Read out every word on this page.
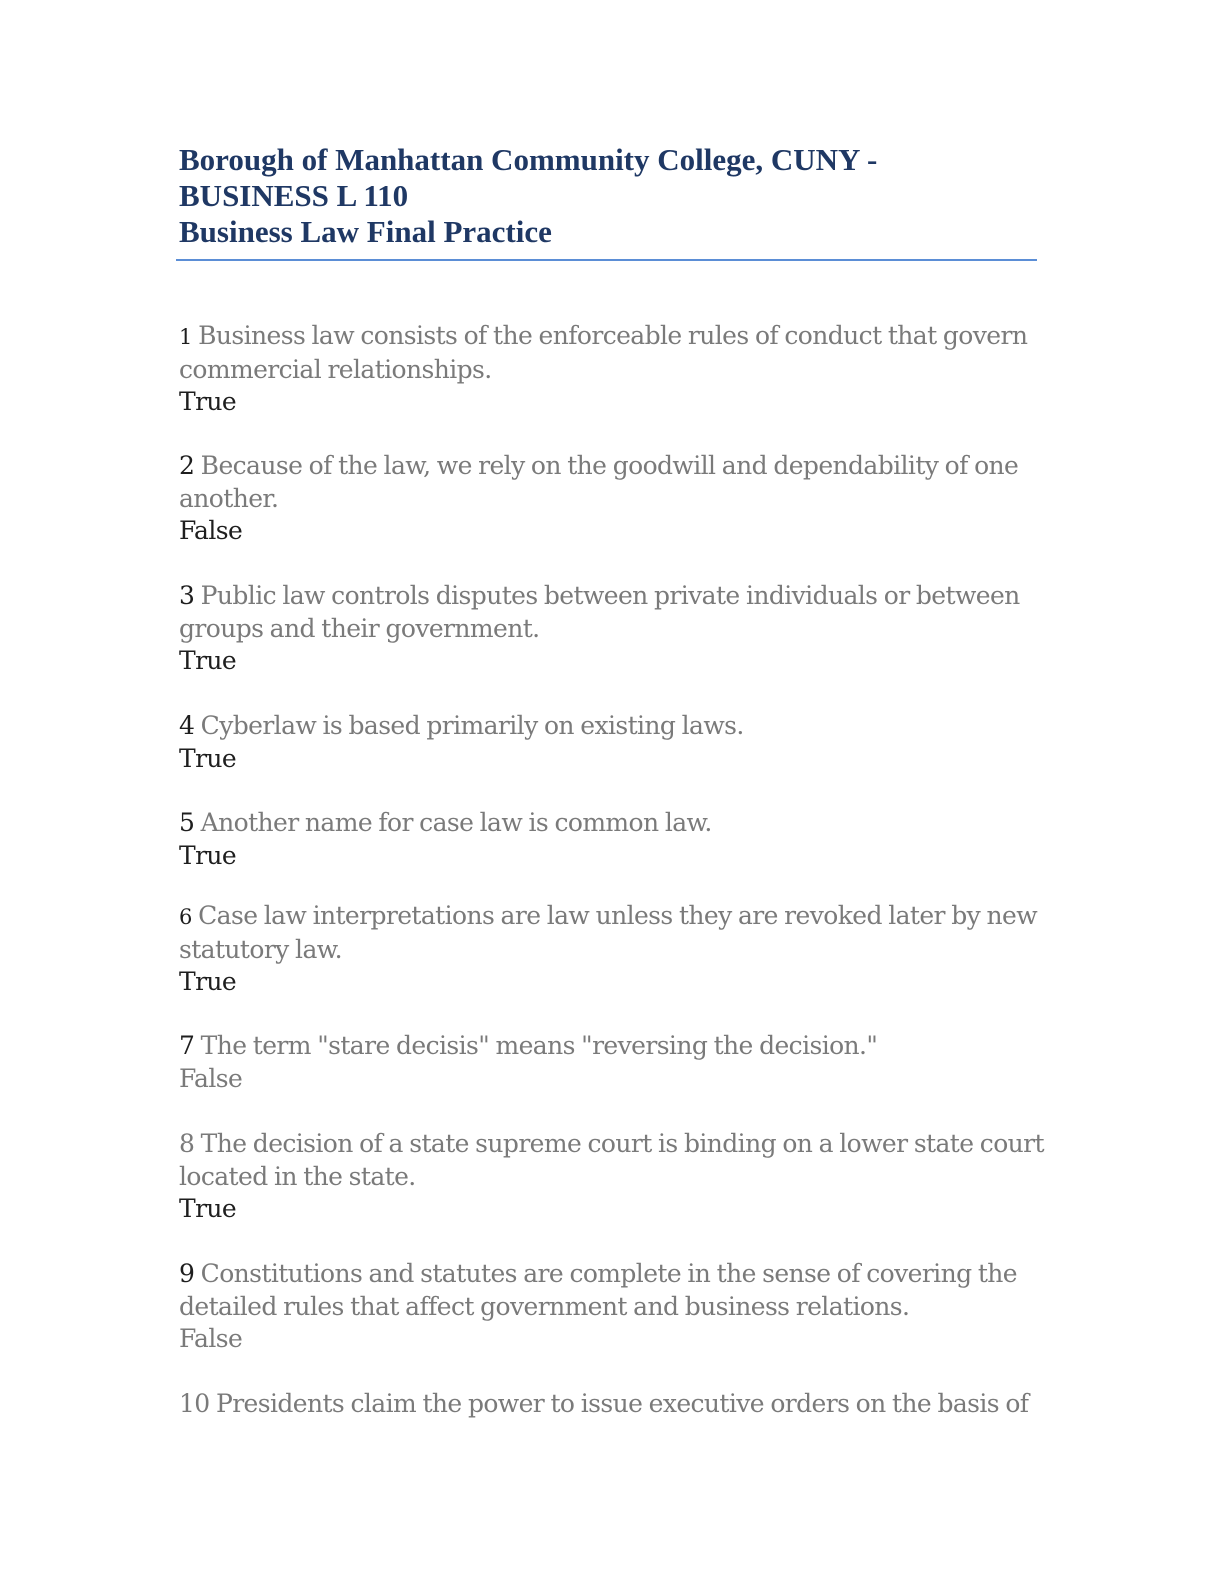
Borough of Manhattan Community College, CUNY -
BUSINESS L 110
Business Law Final Practice
1 Business law consists of the enforceable rules of conduct that govern commercial relationships.
True
2 Because of the law, we rely on the goodwill and dependability of one another.
False
3 Public law controls disputes between private individuals or between groups and their government.
True
4 Cyberlaw is based primarily on existing laws.
True
5 Another name for case law is common law.
True
6 Case law interpretations are law unless they are revoked later by new statutory law.
True
7 The term "stare decisis" means "reversing the decision."
False
8 The decision of a state supreme court is binding on a lower state court located in the state.
True
9 Constitutions and statutes are complete in the sense of covering the detailed rules that affect government and business relations.
False
10 Presidents claim the power to issue executive orders on the basis of
